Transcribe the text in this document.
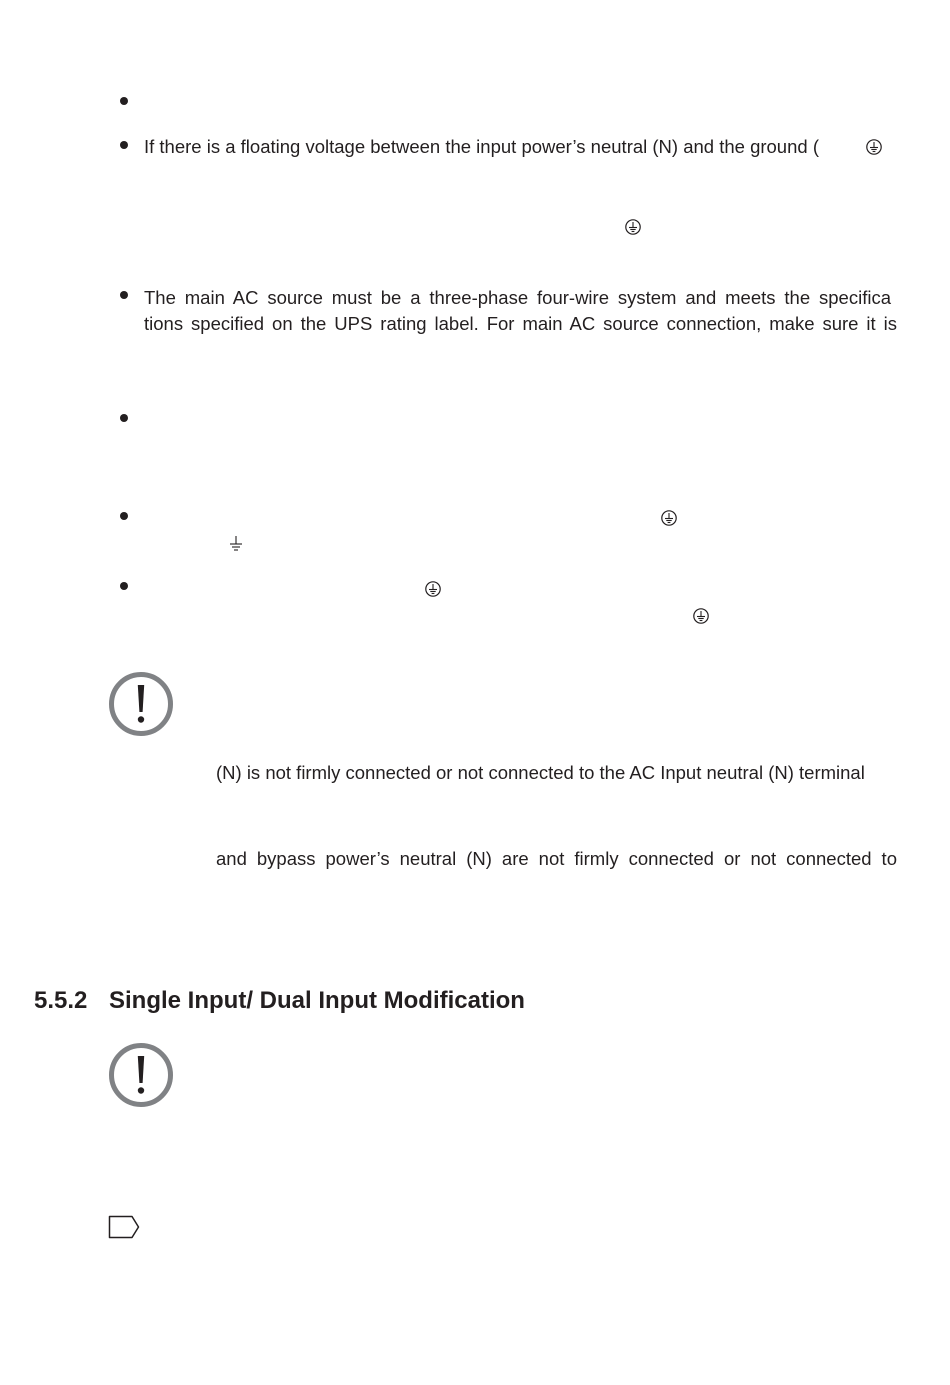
If there is a floating voltage between the input power’s neutral (N) and the ground (
The main AC source must be a three-phase four-wire system and meets the specifica
tions specified on the UPS rating label. For main AC source connection, make sure it is
(N) is not firmly connected or not connected to the AC Input neutral (N) terminal
and bypass power’s neutral (N) are not firmly connected or not connected to
5.5.2 Single Input/ Dual Input Modification
